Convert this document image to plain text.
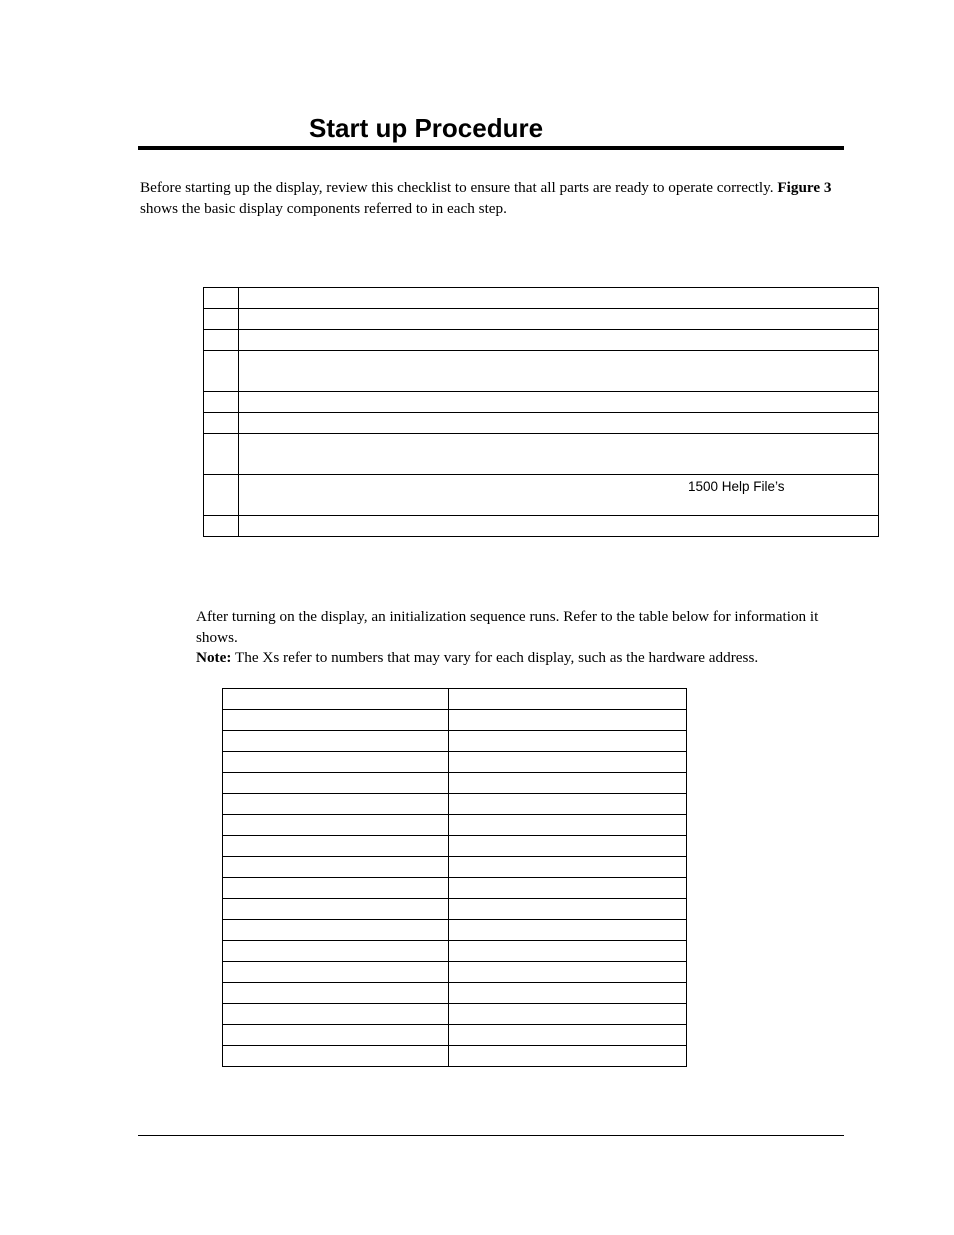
Start up Procedure

Before starting up the display, review this checklist to ensure that all parts are ready to operate correctly. Figure 3 shows the basic display components referred to in each step.

	1500 Help File’s

After turning on the display, an initialization sequence runs. Refer to the table below for information it shows.
Note: The Xs refer to numbers that may vary for each display, such as the hardware address.
